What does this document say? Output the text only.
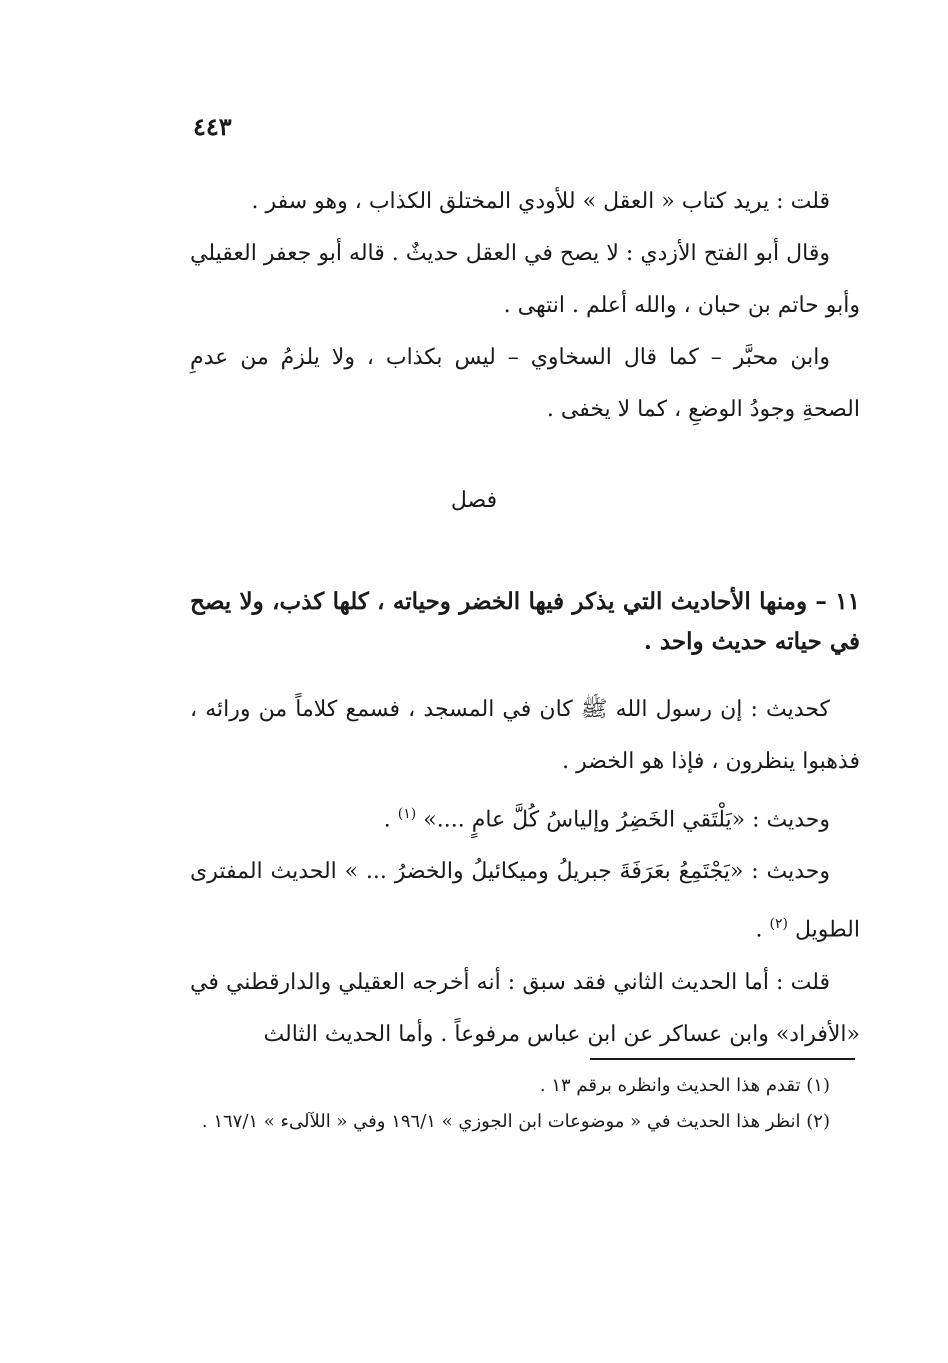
٤٤٣

قلت : يريد كتاب « العقل » للأودي المختلق الكذاب ، وهو سفر .

وقال أبو الفتح الأزدي : لا يصح في العقل حديثٌ . قاله أبو جعفر العقيلي وأبو حاتم بن حبان ، والله أعلم . انتهى .

وابن محبَّر – كما قال السخاوي – ليس بكذاب ، ولا يلزمُ من عدمِ الصحةِ وجودُ الوضعِ ، كما لا يخفى .

فصل
١١ – ومنها الأحاديث التي يذكر فيها الخضر وحياته ، كلها كذب، ولا يصح في حياته حديث واحد .

كحديث : إن رسول الله ﷺ كان في المسجد ، فسمع كلاماً من ورائه ، فذهبوا ينظرون ، فإذا هو الخضر .

وحديث : «يَلْتَقي الخَضِرُ وإلياسُ كُلَّ عامٍ ....» $^{(١)}$ .

وحديث : «يَجْتَمِعُ بعَرَفَةَ جبريلُ وميكائيلُ والخضرُ ... » الحديث المفترى الطويل $^{(٢)}$ .

قلت : أما الحديث الثاني فقد سبق : أنه أخرجه العقيلي والدارقطني في «الأفراد» وابن عساكر عن ابن عباس مرفوعاً . وأما الحديث الثالث

(١) تقدم هذا الحديث وانظره برقم ١٣ .

(٢) انظر هذا الحديث في « موضوعات ابن الجوزي » ١٩٦/١ وفي « اللآلىء » ١٦٧/١ .
